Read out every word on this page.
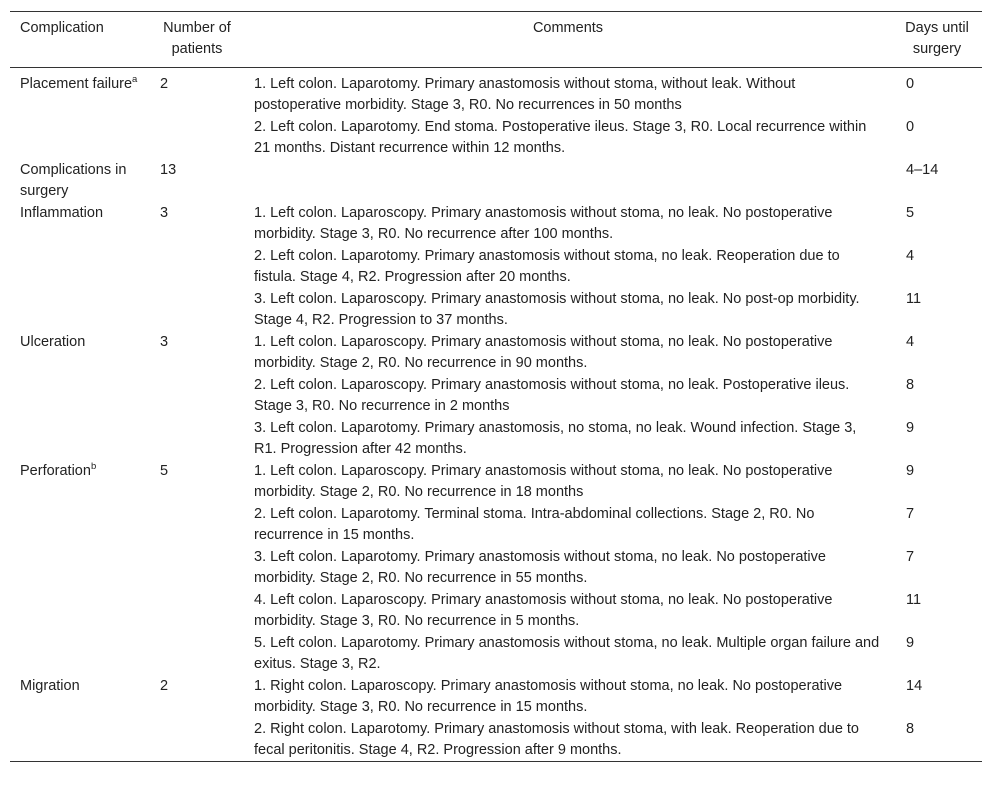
Complication	Number of patients	Comments	Days until surgery
Placement failure$^a$	2	1. Left colon. Laparotomy. Primary anastomosis without stoma, without leak. Without postoperative morbidity. Stage 3, R0. No recurrences in 50 months	0
		2. Left colon. Laparotomy. End stoma. Postoperative ileus. Stage 3, R0. Local recurrence within 21 months. Distant recurrence within 12 months.	0
Complications in surgery	13		4–14
Inflammation	3	1. Left colon. Laparoscopy. Primary anastomosis without stoma, no leak. No postoperative morbidity. Stage 3, R0. No recurrence after 100 months.	5
		2. Left colon. Laparotomy. Primary anastomosis without stoma, no leak. Reoperation due to fistula. Stage 4, R2. Progression after 20 months.	4
		3. Left colon. Laparoscopy. Primary anastomosis without stoma, no leak. No post-op morbidity. Stage 4, R2. Progression to 37 months.	11
Ulceration	3	1. Left colon. Laparoscopy. Primary anastomosis without stoma, no leak. No postoperative morbidity. Stage 2, R0. No recurrence in 90 months.	4
		2. Left colon. Laparoscopy. Primary anastomosis without stoma, no leak. Postoperative ileus. Stage 3, R0. No recurrence in 2 months	8
		3. Left colon. Laparotomy. Primary anastomosis, no stoma, no leak. Wound infection. Stage 3, R1. Progression after 42 months.	9
Perforation$^b$	5	1. Left colon. Laparoscopy. Primary anastomosis without stoma, no leak. No postoperative morbidity. Stage 2, R0. No recurrence in 18 months	9
		2. Left colon. Laparotomy. Terminal stoma. Intra-abdominal collections. Stage 2, R0. No recurrence in 15 months.	7
		3. Left colon. Laparotomy. Primary anastomosis without stoma, no leak. No postoperative morbidity. Stage 2, R0. No recurrence in 55 months.	7
		4. Left colon. Laparoscopy. Primary anastomosis without stoma, no leak. No postoperative morbidity. Stage 3, R0. No recurrence in 5 months.	11
		5. Left colon. Laparotomy. Primary anastomosis without stoma, no leak. Multiple organ failure and exitus. Stage 3, R2.	9
Migration	2	1. Right colon. Laparoscopy. Primary anastomosis without stoma, no leak. No postoperative morbidity. Stage 3, R0. No recurrence in 15 months.	14
		2. Right colon. Laparotomy. Primary anastomosis without stoma, with leak. Reoperation due to fecal peritonitis. Stage 4, R2. Progression after 9 months.	8
